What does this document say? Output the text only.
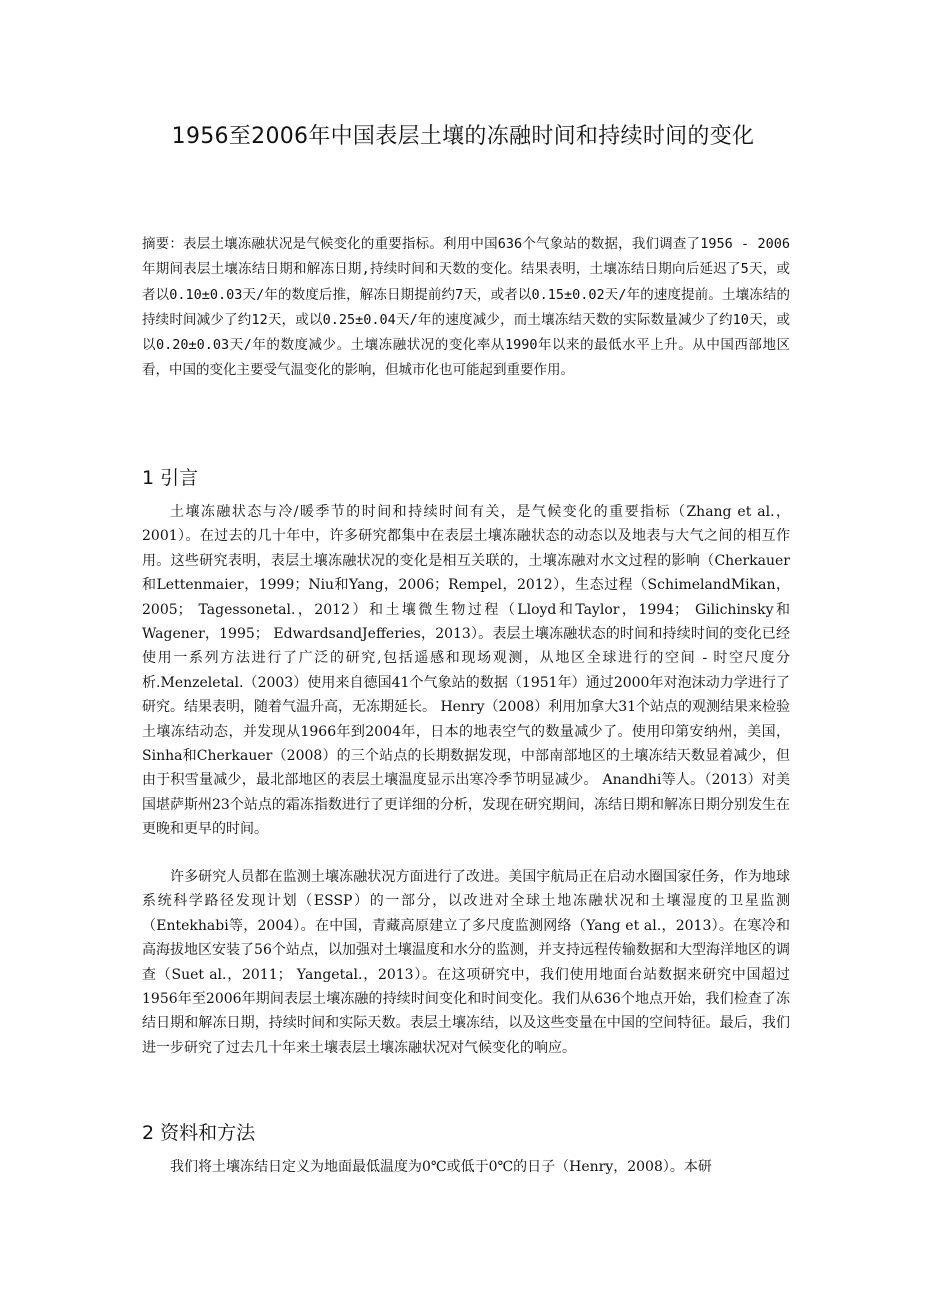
1956至2006年中国表层土壤的冻融时间和持续时间的变化

摘要：表层土壤冻融状况是气候变化的重要指标。利用中国636个气象站的数据，我们调查了1956 - 2006年期间表层土壤冻结日期和解冻日期,持续时间和天数的变化。结果表明，土壤冻结日期向后延迟了5天，或者以0.10±0.03天/年的数度后推，解冻日期提前约7天，或者以0.15±0.02天/年的速度提前。土壤冻结的持续时间减少了约12天，或以0.25±0.04天/年的速度减少，而土壤冻结天数的实际数量减少了约10天，或以0.20±0.03天/年的数度减少。土壤冻融状况的变化率从1990年以来的最低水平上升。从中国西部地区看，中国的变化主要受气温变化的影响，但城市化也可能起到重要作用。

1 引言

土壤冻融状态与冷/暖季节的时间和持续时间有关，是气候变化的重要指标（Zhang et al.，2001）。在过去的几十年中，许多研究都集中在表层土壤冻融状态的动态以及地表与大气之间的相互作用。这些研究表明，表层土壤冻融状况的变化是相互关联的，土壤冻融对水文过程的影响（Cherkauer和Lettenmaier，1999；Niu和Yang，2006；Rempel，2012），生态过程（SchimelandMikan， 2005； Tagessonetal.，2012）和土壤微生物过程（Lloyd和Taylor，1994； Gilichinsky和Wagener，1995； EdwardsandJefferies，2013）。表层土壤冻融状态的时间和持续时间的变化已经使用一系列方法进行了广泛的研究,包括遥感和现场观测，从地区全球进行的空间 - 时空尺度分析.Menzeletal.（2003）使用来自德国41个气象站的数据（1951年）通过2000年对泡沫动力学进行了研究。结果表明，随着气温升高，无冻期延长。 Henry（2008）利用加拿大31个站点的观测结果来检验土壤冻结动态，并发现从1966年到2004年，日本的地表空气的数量减少了。使用印第安纳州，美国，Sinha和Cherkauer（2008）的三个站点的长期数据发现，中部南部地区的土壤冻结天数显着减少，但由于积雪量减少，最北部地区的表层土壤温度显示出寒冷季节明显减少。 Anandhi等人。（2013）对美国堪萨斯州23个站点的霜冻指数进行了更详细的分析，发现在研究期间，冻结日期和解冻日期分别发生在更晚和更早的时间。

许多研究人员都在监测土壤冻融状况方面进行了改进。美国宇航局正在启动水圈国家任务，作为地球系统科学路径发现计划（ESSP）的一部分，以改进对全球土地冻融状况和土壤湿度的卫星监测（Entekhabi等，2004）。在中国，青藏高原建立了多尺度监测网络（Yang et al.，2013）。在寒冷和高海拔地区安装了56个站点，以加强对土壤温度和水分的监测，并支持远程传输数据和大型海洋地区的调查（Suet al.，2011； Yangetal.，2013）。在这项研究中，我们使用地面台站数据来研究中国超过1956年至2006年期间表层土壤冻融的持续时间变化和时间变化。我们从636个地点开始，我们检查了冻结日期和解冻日期，持续时间和实际天数。表层土壤冻结，以及这些变量在中国的空间特征。最后，我们进一步研究了过去几十年来土壤表层土壤冻融状况对气候变化的响应。

2 资料和方法

我们将土壤冻结日定义为地面最低温度为0℃或低于0℃的日子（Henry，2008）。本研
